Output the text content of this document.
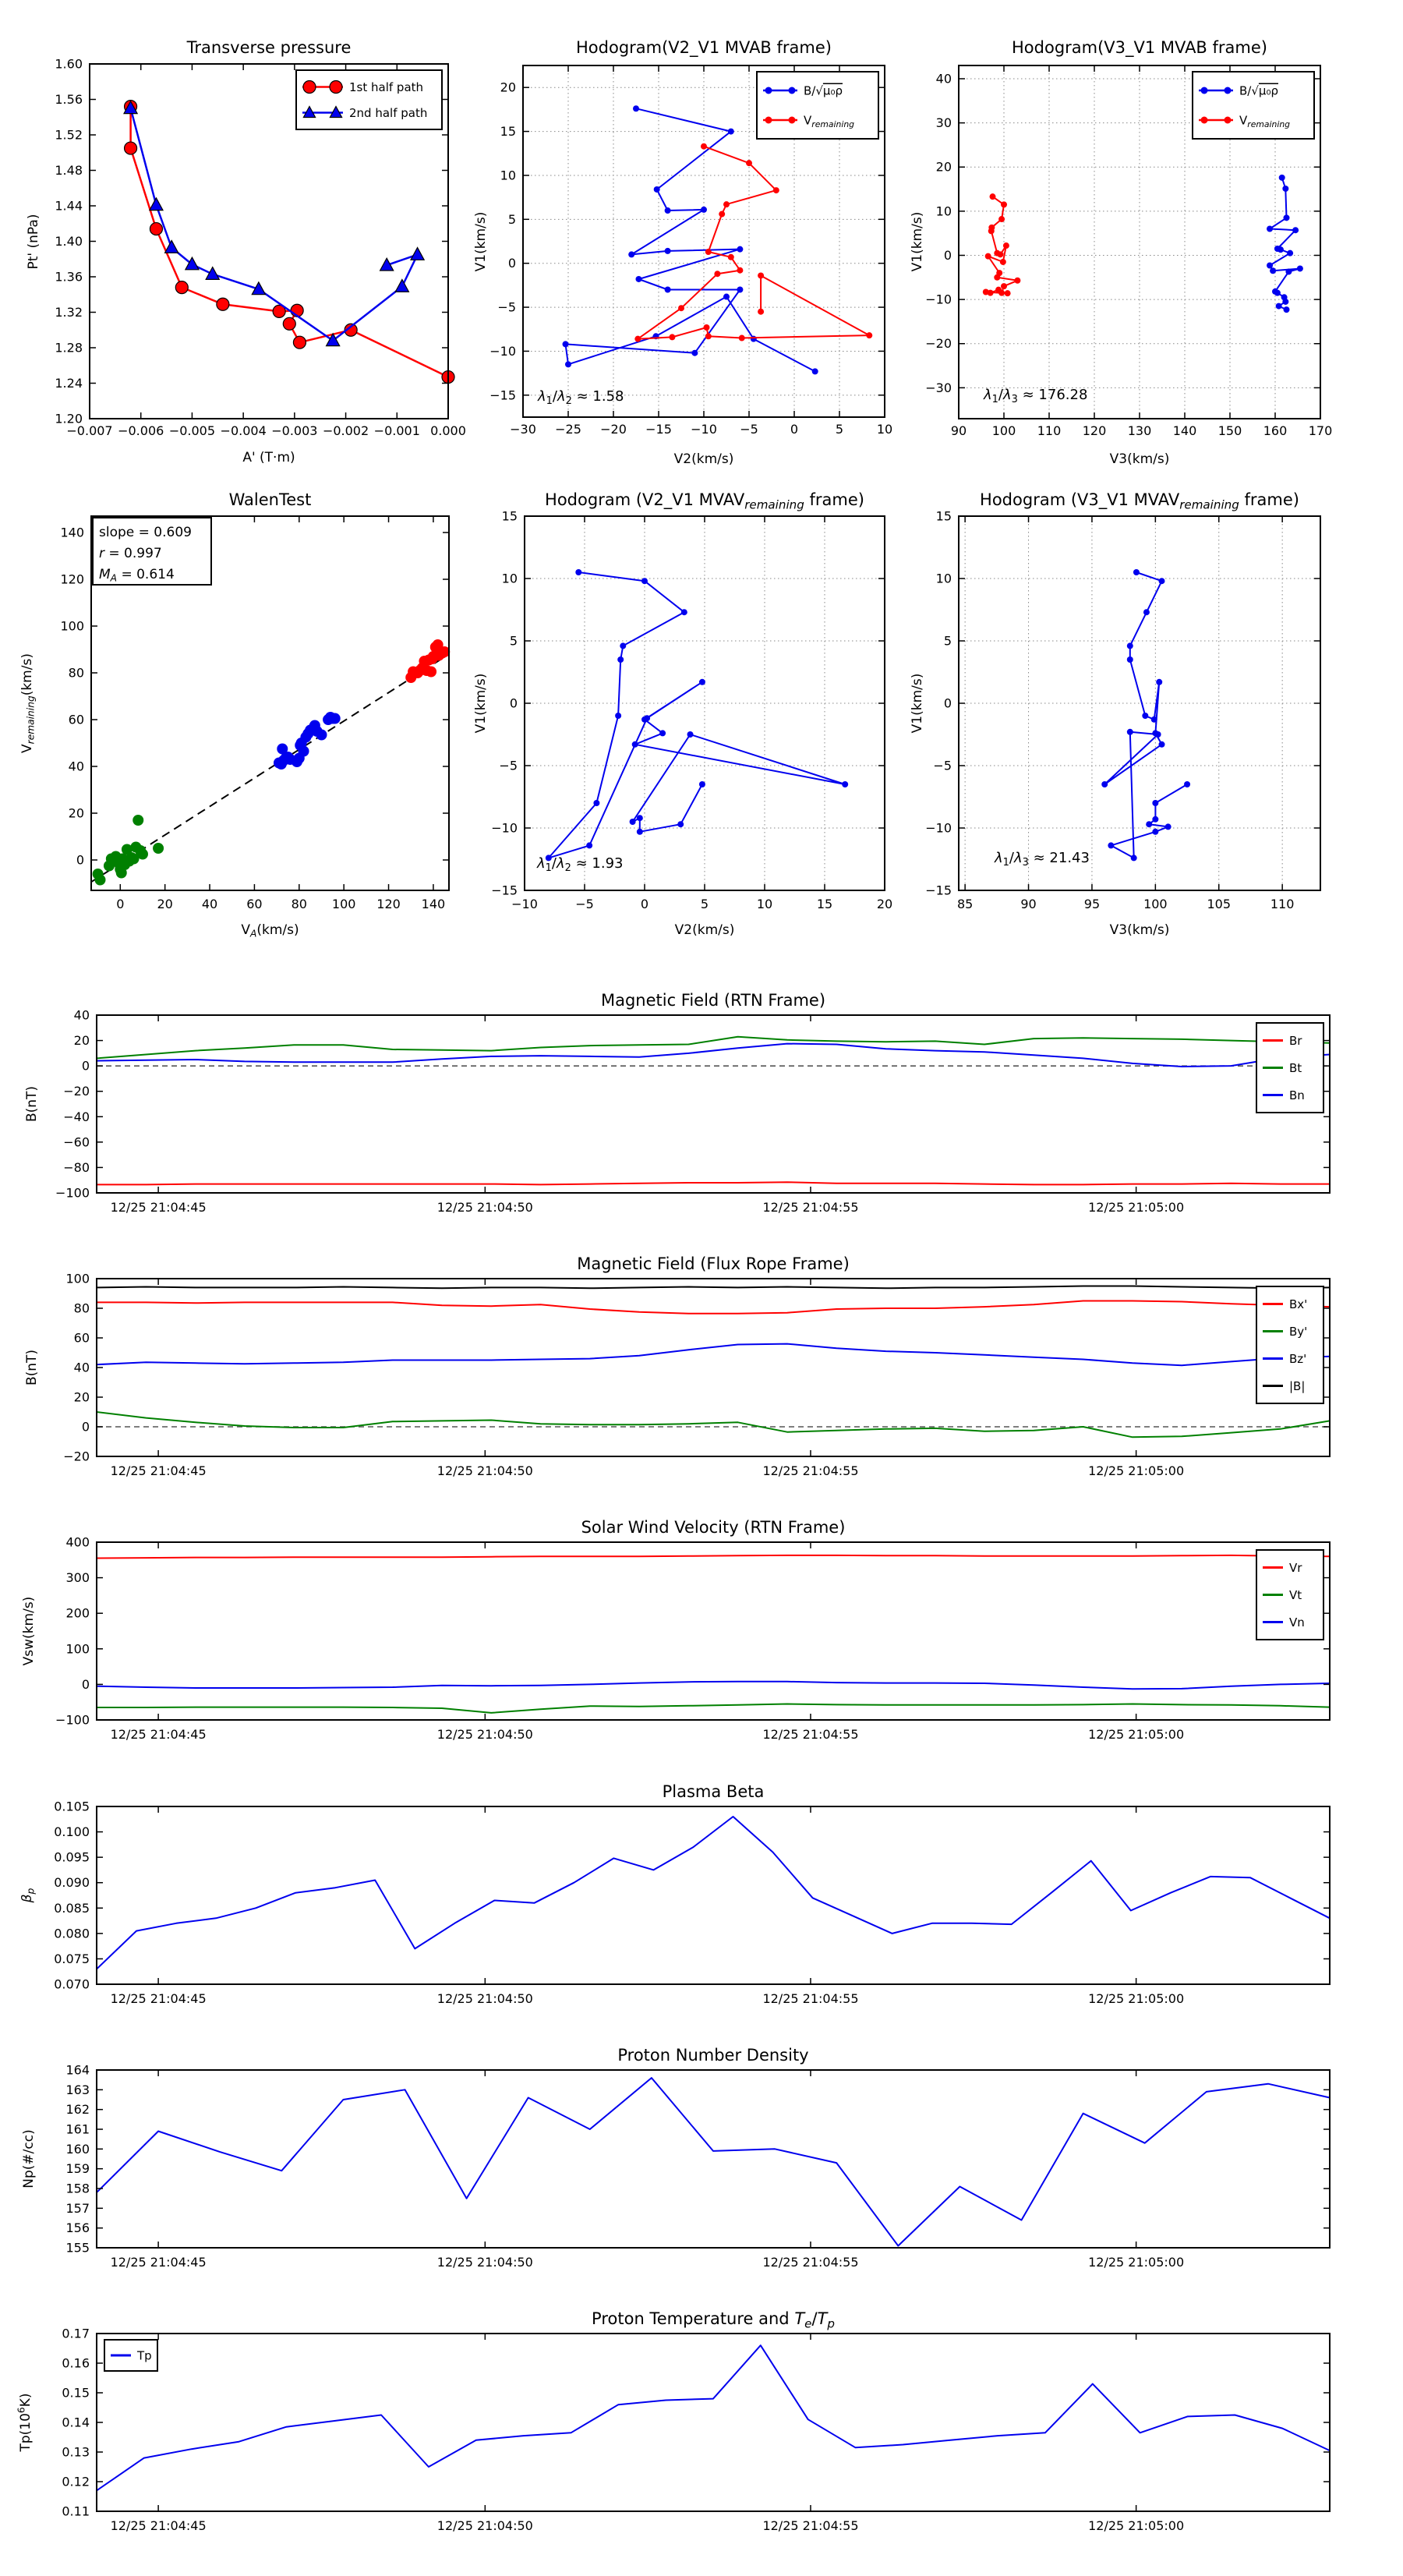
−0.007 −0.006 −0.005 −0.004 −0.003 −0.002 −0.001 0.000
1.20
1.24
1.28
1.32
1.36
1.40
1.44
1.48
1.52
1.56
1.60
Transverse pressure
A' (T·m)
Pt' (nPa)
1st half path
2nd half path
−30 −25 −20 −15 −10 −5	0	5	10
20
15
10
5
0
−5
−10
−15
Hodogram(V2_V1 MVAB frame)
V2(km/s)
V1(km/s)
B/√μ₀ρ
$V_{remaining}$
$\lambda_1/\lambda_2 \approx 1.58$
90 100 110 120 130 140 150 160 170
40
30
20
10
0
−10
−20
−30
Hodogram(V3_V1 MVAB frame)
V3(km/s)
V1(km/s)
B/√μ₀ρ
$V_{remaining}$
$\lambda_1/\lambda_3 \approx 176.28$
0	20 40 60 80 100 120 140
0
20
40
60
80
100
120
140
WalenTest
$V_A(km/s)$
$V_{remaining}(km/s)$
slope = 0.609
r = 0.997
$M_A = 0.614$
−10	−5	0	5	10	15	20
15
10
5
0
−5
−10
−15
Hodogram (V2_V1 $MVAV_{remaining}$ frame)
V2(km/s)
V1(km/s)
$\lambda_1/\lambda_2 \approx 1.93$
85	90	95	100	105	110
15
10
5
0
−5
−10
−15
Hodogram (V3_V1 $MVAV_{remaining}$ frame)
V3(km/s)
V1(km/s)
$\lambda_1/\lambda_3 \approx 21.43$
12/25 21:04:45	12/25 21:04:50	12/25 21:04:55	12/25 21:05:00
40
20
0
−20
−40
−60
−80
−100
Magnetic Field (RTN Frame)
B(nT)
Br
Bt
Bn
12/25 21:04:45	12/25 21:04:50	12/25 21:04:55	12/25 21:05:00
100
80
60
40
20
0
−20
Magnetic Field (Flux Rope Frame)
B(nT)
Bx'
By'
Bz'
|B|
12/25 21:04:45	12/25 21:04:50	12/25 21:04:55	12/25 21:05:00
400
300
200
100
0
−100
Solar Wind Velocity (RTN Frame)
Vsw(km/s)
Vr
Vt
Vn
12/25 21:04:45	12/25 21:04:50	12/25 21:04:55	12/25 21:05:00
0.105
0.100
0.095
0.090
0.085
0.080
0.075
0.070
Plasma Beta
$\beta_p$
12/25 21:04:45	12/25 21:04:50	12/25 21:04:55	12/25 21:05:00
164
163
162
161
160
159
158
157
156
155
Proton Number Density
Np(#/cc)
12/25 21:04:45	12/25 21:04:50	12/25 21:04:55	12/25 21:05:00
0.17
0.16
0.15
0.14
0.13
0.12
0.11
Proton Temperature and $T_e/T_p$
$Tp(10^6K)$
Tp
